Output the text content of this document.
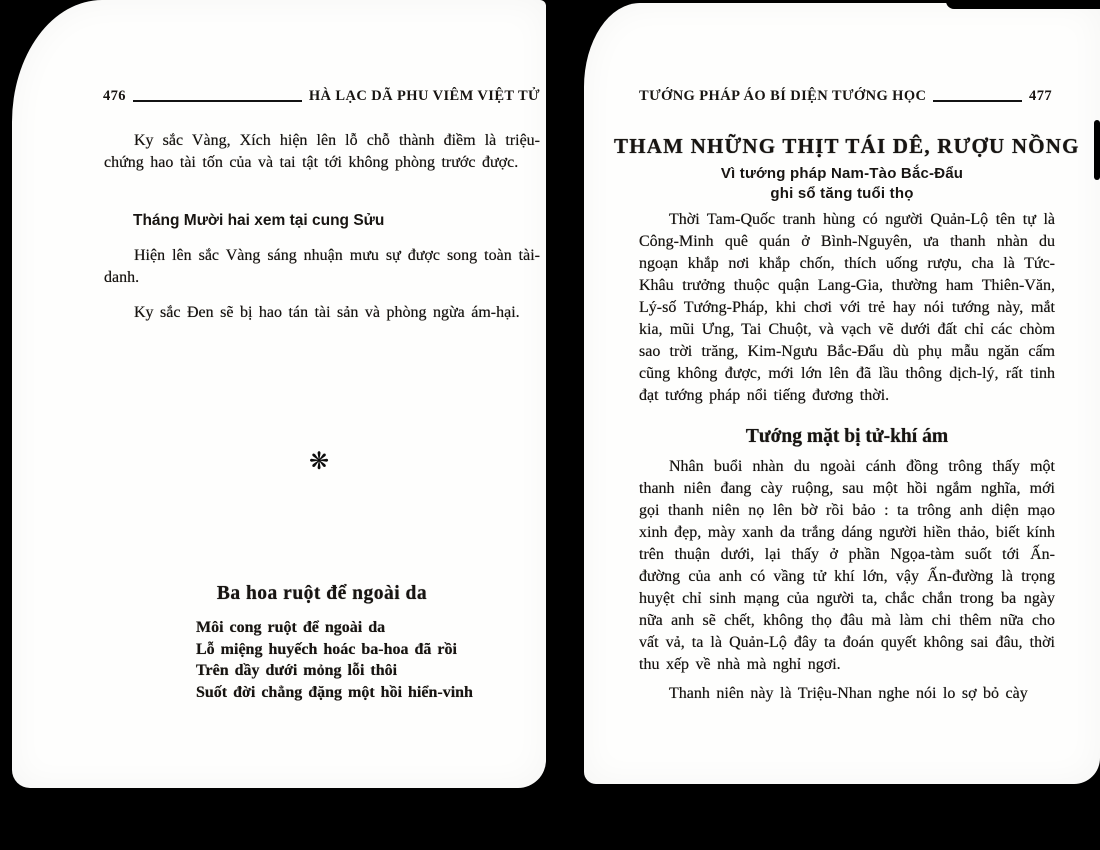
476	HÀ LẠC DÃ PHU VIÊM VIỆT TỬ

Ky sắc Vàng, Xích hiện lên lỗ chỗ thành điềm là triệu-chứng hao tài tốn của và tai tật tới không phòng trước được.

Tháng Mười hai xem tại cung Sửu

Hiện lên sắc Vàng sáng nhuận mưu sự được song toàn tài-danh.

Ky sắc Đen sẽ bị hao tán tài sản và phòng ngừa ám-hại.

❋
Ba hoa ruột để ngoài da
Môi cong ruột để ngoài da
Lỗ miệng huyếch hoác ba-hoa đã rồi
Trên dầy dưới mỏng lỗi thôi
Suốt đời chẳng đặng một hồi hiển-vinh
TƯỚNG PHÁP ÁO BÍ DIỆN TƯỚNG HỌC	477
THAM NHỮNG THỊT TÁI DÊ, RƯỢU NỒNG
Vì tướng pháp Nam-Tào Bắc-Đẩu
ghi sổ tăng tuổi thọ

Thời Tam-Quốc tranh hùng có người Quản-Lộ tên tự là Công-Minh quê quán ở Bình-Nguyên, ưa thanh nhàn du ngoạn khắp nơi khắp chốn, thích uống rượu, cha là Tức-Khâu trưởng thuộc quận Lang-Gia, thường ham Thiên-Văn, Lý-số Tướng-Pháp, khi chơi với trẻ hay nói tướng này, mắt kia, mũi Ưng, Tai Chuột, và vạch vẽ dưới đất chỉ các chòm sao trời trăng, Kim-Ngưu Bắc-Đẩu dù phụ mẫu ngăn cấm cũng không được, mới lớn lên đã lầu thông dịch-lý, rất tinh đạt tướng pháp nổi tiếng đương thời.

Tướng mặt bị tử-khí ám

Nhân buổi nhàn du ngoài cánh đồng trông thấy một thanh niên đang cày ruộng, sau một hồi ngắm nghĩa, mới gọi thanh niên nọ lên bờ rồi bảo : ta trông anh diện mạo xinh đẹp, mày xanh da trắng dáng người hiền thảo, biết kính trên thuận dưới, lại thấy ở phần Ngọa-tàm suốt tới Ấn-đường của anh có vầng tử khí lớn, vậy Ấn-đường là trọng huyệt chỉ sinh mạng của người ta, chắc chắn trong ba ngày nữa anh sẽ chết, không thọ đâu mà làm chi thêm nữa cho vất vả, ta là Quản-Lộ đây ta đoán quyết không sai đâu, thời thu xếp về nhà mà nghỉ ngơi.

Thanh niên này là Triệu-Nhan nghe nói lo sợ bỏ cày
